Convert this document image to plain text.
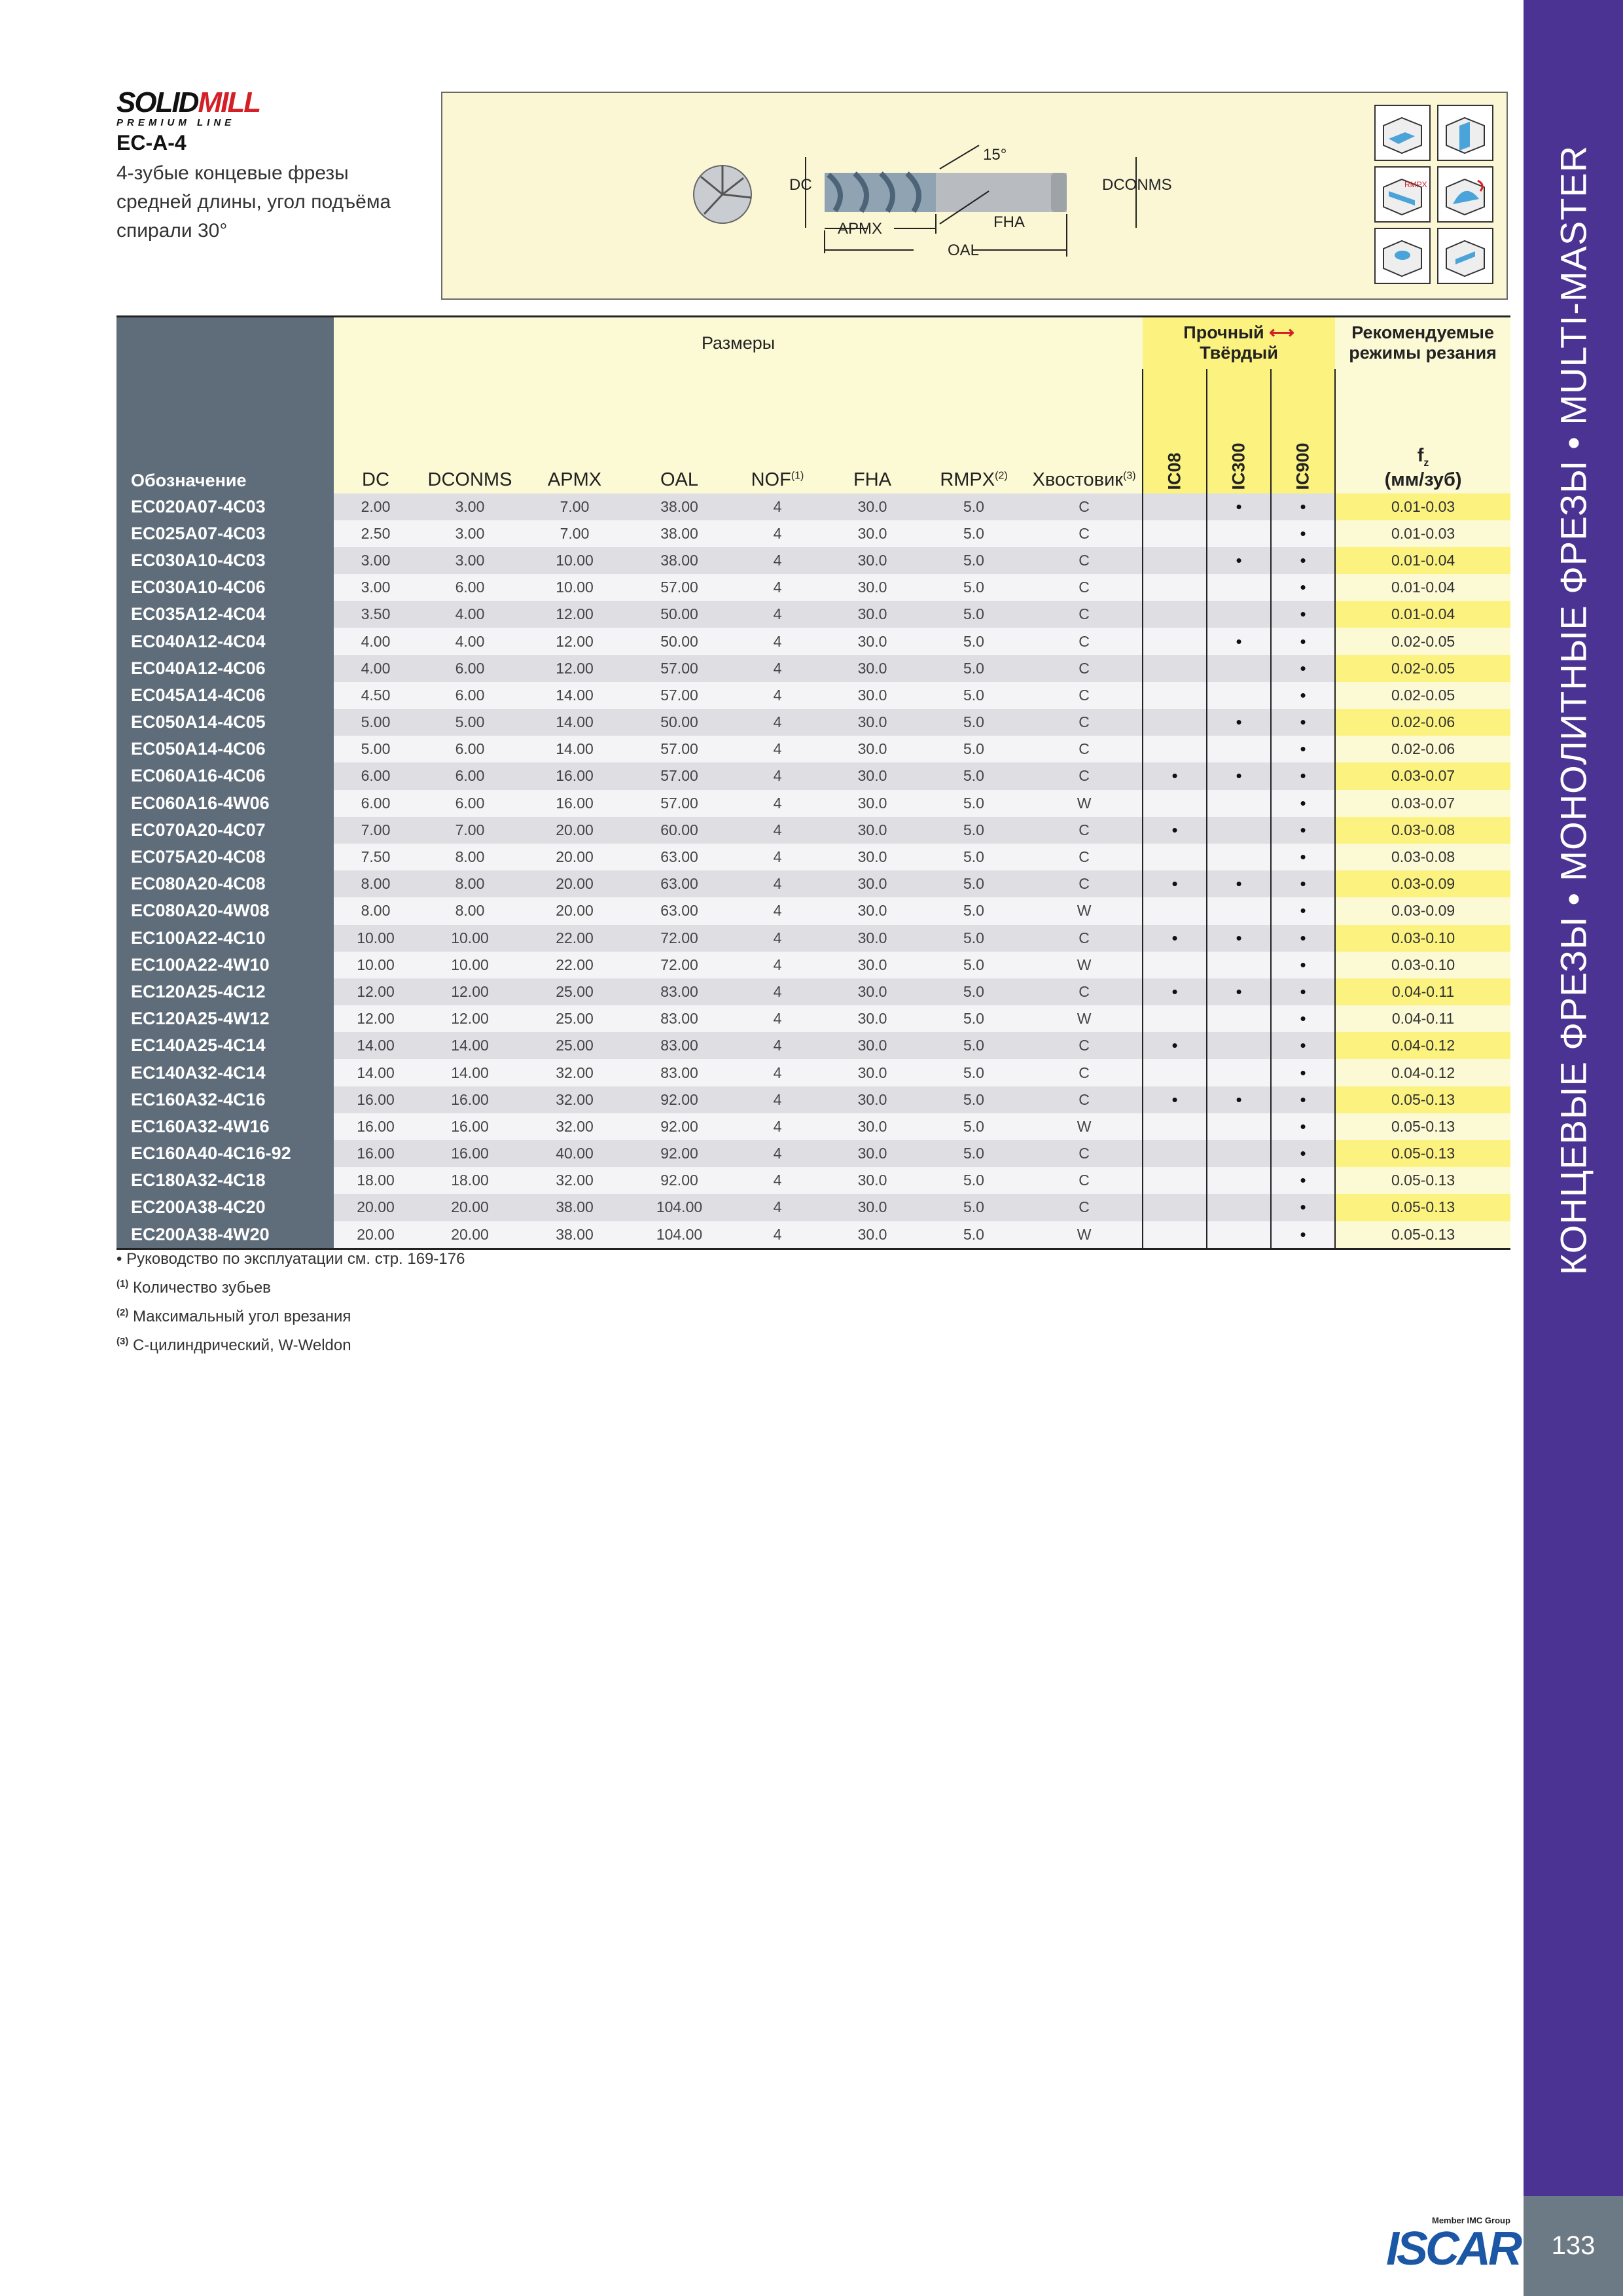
КОНЦЕВЫЕ ФРЕЗЫ • МОНОЛИТНЫЕ ФРЕЗЫ • MULTI-MASTER
133
SOLIDMILL
PREMIUM LINE
EC-A-4
4-зубые концевые фрезы средней длины, угол подъёма спирали 30°
DC	DCONMS
APMX
OAL
FHA
15°
RMPX
Обозначение	Размеры								Прочный ⟷ Твёрдый			Рекомендуемые режимы резания
	DC	DCONMS	APMX	OAL	NOF$^{(1)}$	FHA	RMPX$^{(2)}$	Хвостовик$^{(3)}$	IC08	IC300	IC900	$f_z$
(мм/зуб)

EC020A07-4C03	2.00	3.00	7.00	38.00	4	30.0	5.0	C		•	•	0.01-0.03
EC025A07-4C03	2.50	3.00	7.00	38.00	4	30.0	5.0	C			•	0.01-0.03
EC030A10-4C03	3.00	3.00	10.00	38.00	4	30.0	5.0	C		•	•	0.01-0.04
EC030A10-4C06	3.00	6.00	10.00	57.00	4	30.0	5.0	C			•	0.01-0.04
EC035A12-4C04	3.50	4.00	12.00	50.00	4	30.0	5.0	C			•	0.01-0.04
EC040A12-4C04	4.00	4.00	12.00	50.00	4	30.0	5.0	C		•	•	0.02-0.05
EC040A12-4C06	4.00	6.00	12.00	57.00	4	30.0	5.0	C			•	0.02-0.05
EC045A14-4C06	4.50	6.00	14.00	57.00	4	30.0	5.0	C			•	0.02-0.05
EC050A14-4C05	5.00	5.00	14.00	50.00	4	30.0	5.0	C		•	•	0.02-0.06
EC050A14-4C06	5.00	6.00	14.00	57.00	4	30.0	5.0	C			•	0.02-0.06
EC060A16-4C06	6.00	6.00	16.00	57.00	4	30.0	5.0	C	•	•	•	0.03-0.07
EC060A16-4W06	6.00	6.00	16.00	57.00	4	30.0	5.0	W			•	0.03-0.07
EC070A20-4C07	7.00	7.00	20.00	60.00	4	30.0	5.0	C	•		•	0.03-0.08
EC075A20-4C08	7.50	8.00	20.00	63.00	4	30.0	5.0	C			•	0.03-0.08
EC080A20-4C08	8.00	8.00	20.00	63.00	4	30.0	5.0	C	•	•	•	0.03-0.09
EC080A20-4W08	8.00	8.00	20.00	63.00	4	30.0	5.0	W			•	0.03-0.09
EC100A22-4C10	10.00	10.00	22.00	72.00	4	30.0	5.0	C	•	•	•	0.03-0.10
EC100A22-4W10	10.00	10.00	22.00	72.00	4	30.0	5.0	W			•	0.03-0.10
EC120A25-4C12	12.00	12.00	25.00	83.00	4	30.0	5.0	C	•	•	•	0.04-0.11
EC120A25-4W12	12.00	12.00	25.00	83.00	4	30.0	5.0	W			•	0.04-0.11
EC140A25-4C14	14.00	14.00	25.00	83.00	4	30.0	5.0	C	•		•	0.04-0.12
EC140A32-4C14	14.00	14.00	32.00	83.00	4	30.0	5.0	C			•	0.04-0.12
EC160A32-4C16	16.00	16.00	32.00	92.00	4	30.0	5.0	C	•	•	•	0.05-0.13
EC160A32-4W16	16.00	16.00	32.00	92.00	4	30.0	5.0	W			•	0.05-0.13
EC160A40-4C16-92	16.00	16.00	40.00	92.00	4	30.0	5.0	C			•	0.05-0.13
EC180A32-4C18	18.00	18.00	32.00	92.00	4	30.0	5.0	C			•	0.05-0.13
EC200A38-4C20	20.00	20.00	38.00	104.00	4	30.0	5.0	C			•	0.05-0.13
EC200A38-4W20	20.00	20.00	38.00	104.00	4	30.0	5.0	W			•	0.05-0.13
• Руководство по эксплуатации см. стр. 169-176
$^{(1)}$ Количество зубьев
$^{(2)}$ Максимальный угол врезания
$^{(3)}$ С-цилиндрический, W-Weldon
Member IMC Group
ISCAR
